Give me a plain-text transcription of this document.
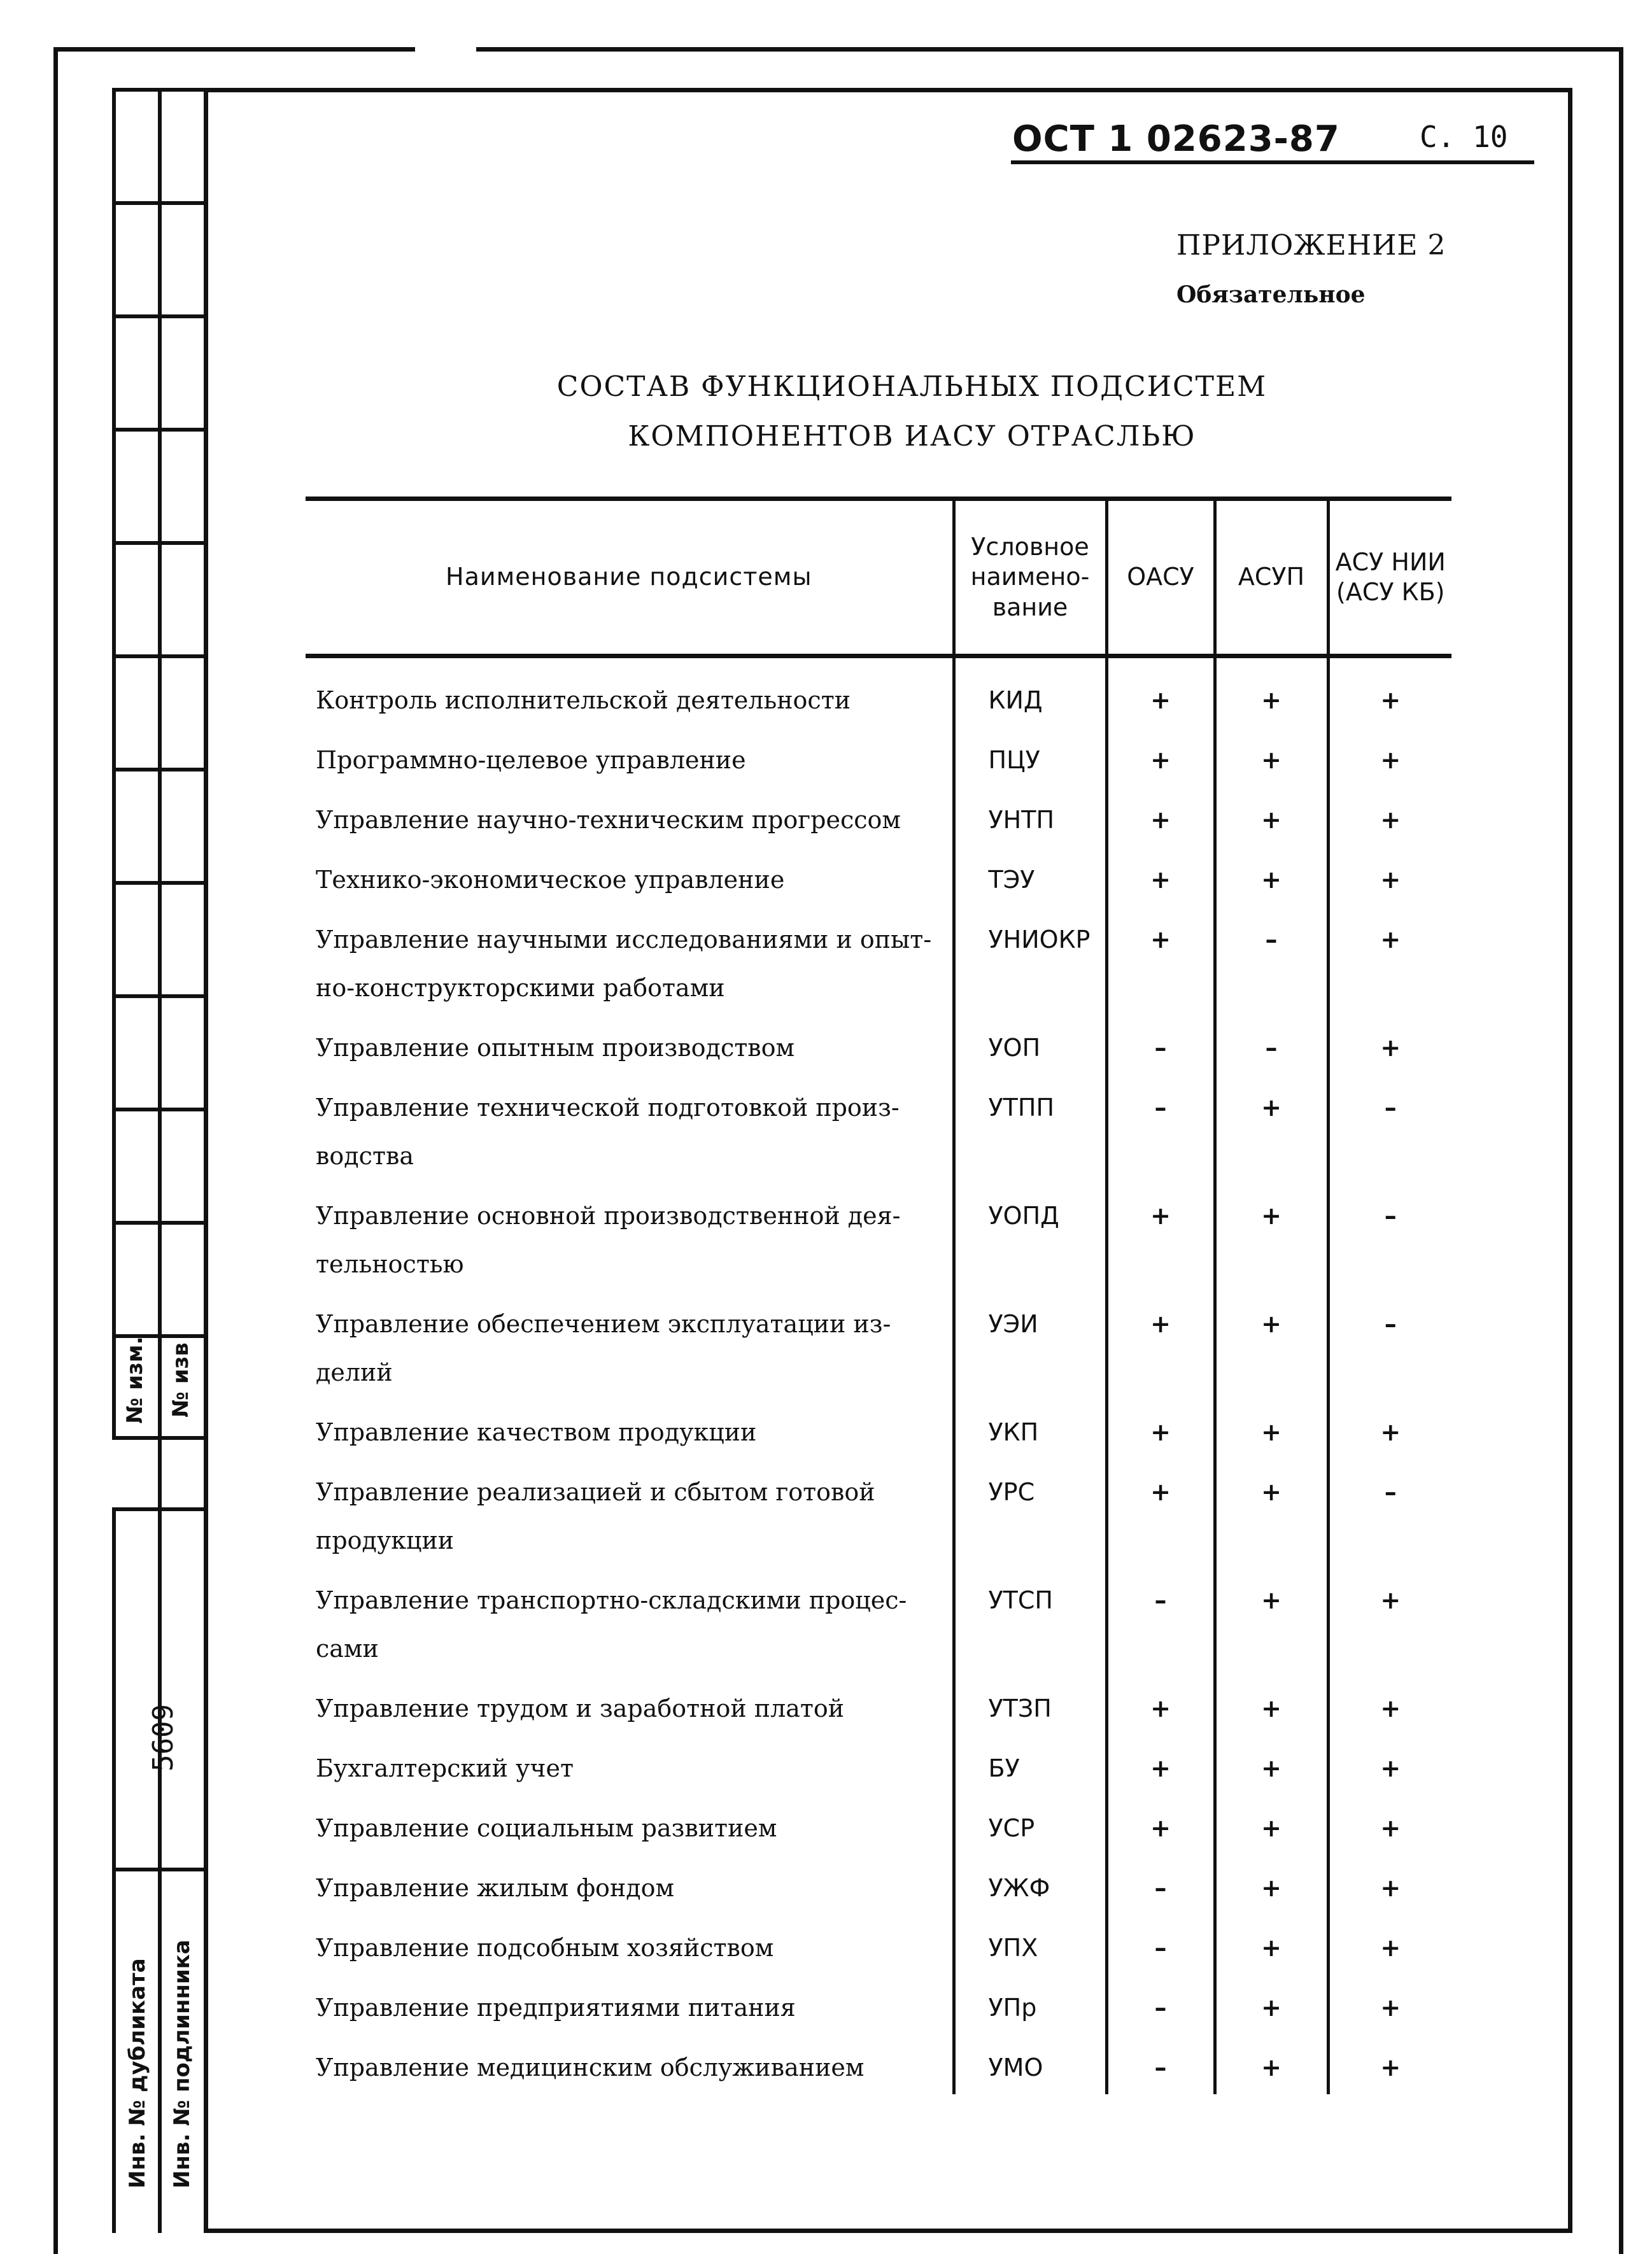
№ изм. № изв
5609
Инв. № дубликата Инв. № подлинника
ОСТ 1 02623-87	С. 10
ПРИЛОЖЕНИЕ 2
Обязательное
СОСТАВ ФУНКЦИОНАЛЬНЫХ ПОДСИСТЕМ
КОМПОНЕНТОВ ИАСУ ОТРАСЛЬЮ
Наименование подсистемы	Условное наимено-вание	ОАСУ	АСУП	АСУ НИИ (АСУ КБ)
Контроль исполнительской деятельности	КИД	+	+	+
Программно-целевое управление	ПЦУ	+	+	+
Управление научно-техническим прогрессом	УНТП	+	+	+
Технико-экономическое управление	ТЭУ	+	+	+
Управление научными исследованиями и опыт-но-конструкторскими работами	УНИОКР	+	–	+
Управление опытным производством	УОП	–	–	+
Управление технической подготовкой произ-водства	УТПП	–	+	–
Управление основной производственной дея-тельностью	УОПД	+	+	–
Управление обеспечением эксплуатации из-делий	УЭИ	+	+	–
Управление качеством продукции	УКП	+	+	+
Управление реализацией и сбытом готовой продукции	УРС	+	+	–
Управление транспортно-складскими процес-сами	УТСП	–	+	+
Управление трудом и заработной платой	УТЗП	+	+	+
Бухгалтерский учет	БУ	+	+	+
Управление социальным развитием	УСР	+	+	+
Управление жилым фондом	УЖФ	–	+	+
Управление подсобным хозяйством	УПХ	–	+	+
Управление предприятиями питания	УПр	–	+	+
Управление медицинским обслуживанием	УМО	–	+	+
